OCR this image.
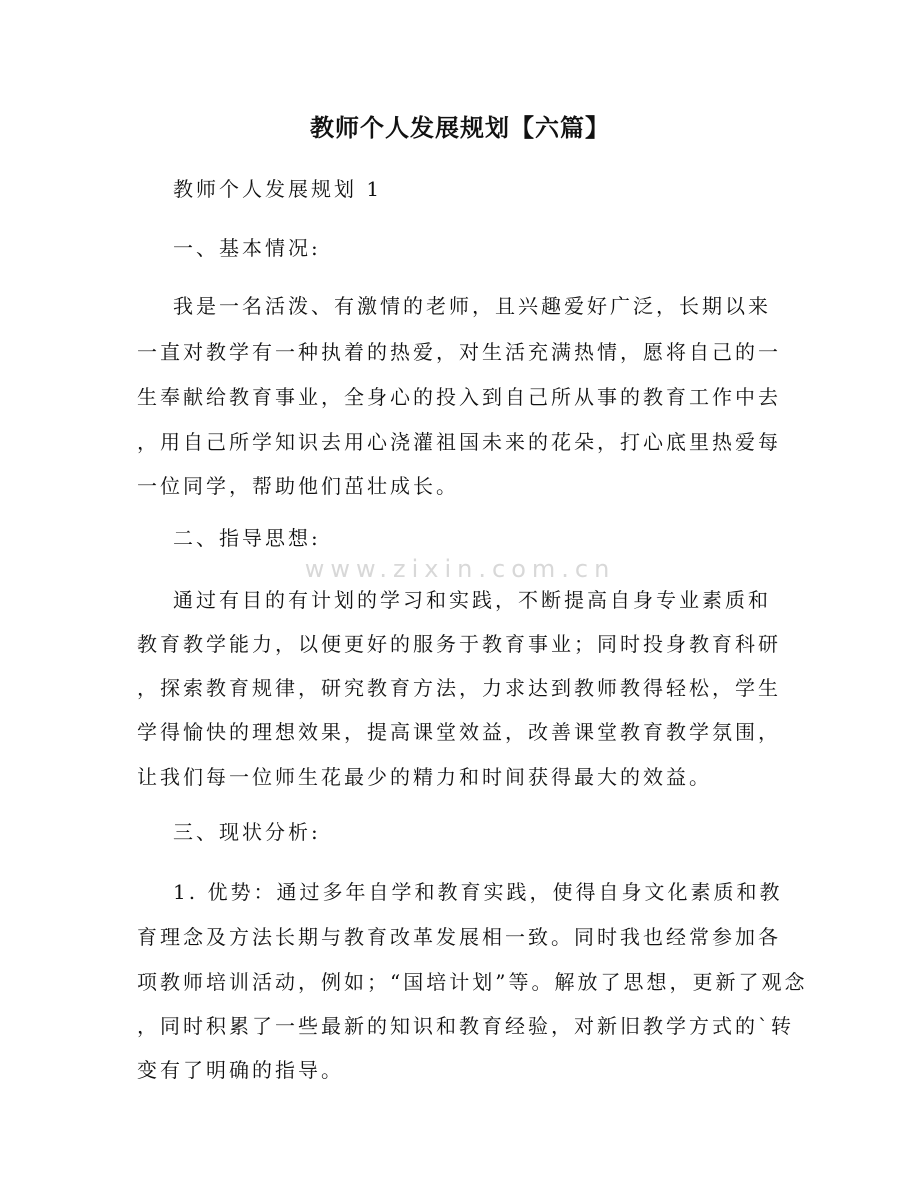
www.zixin.com.cn
教师个人发展规划【六篇】
教师个人发展规划 1
一、基本情况:
我是一名活泼、有激情的老师，且兴趣爱好广泛，长期以来
一直对教学有一种执着的热爱，对生活充满热情，愿将自己的一
生奉献给教育事业，全身心的投入到自己所从事的教育工作中去
，用自己所学知识去用心浇灌祖国未来的花朵，打心底里热爱每
一位同学，帮助他们茁壮成长。
二、指导思想:
通过有目的有计划的学习和实践，不断提高自身专业素质和
教育教学能力，以便更好的服务于教育事业；同时投身教育科研
，探索教育规律，研究教育方法，力求达到教师教得轻松，学生
学得愉快的理想效果，提高课堂效益，改善课堂教育教学氛围，
让我们每一位师生花最少的精力和时间获得最大的效益。
三、现状分析:
1. 优势：通过多年自学和教育实践，使得自身文化素质和教
育理念及方法长期与教育改革发展相一致。同时我也经常参加各
项教师培训活动，例如；“国培计划”等。解放了思想，更新了观念
，同时积累了一些最新的知识和教育经验，对新旧教学方式的`转
变有了明确的指导。
